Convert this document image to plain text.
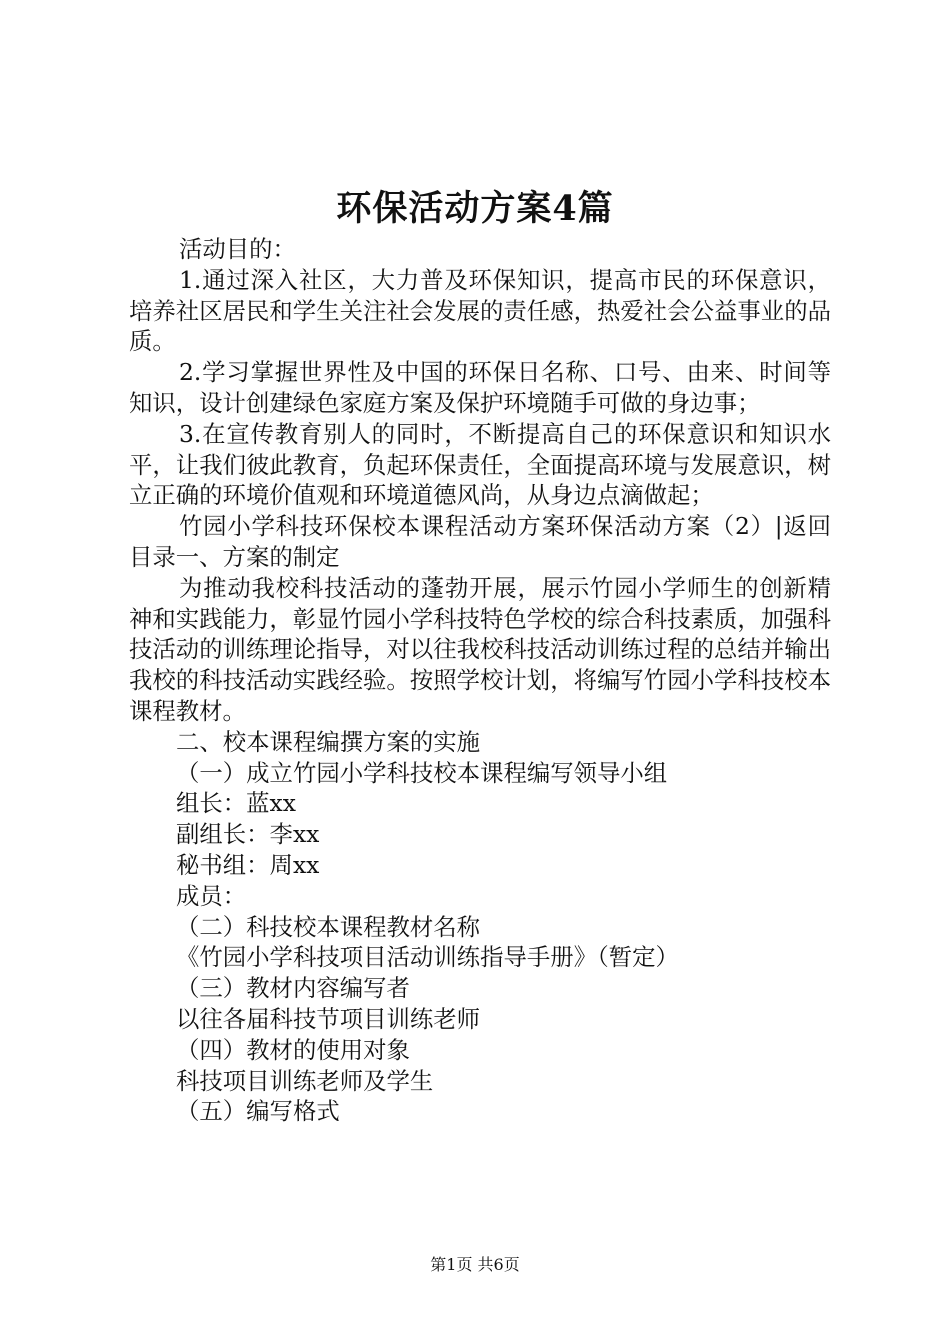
环保活动方案4篇

活动目的：

1.通过深入社区，大力普及环保知识，提高市民的环保意识，培养社区居民和学生关注社会发展的责任感，热爱社会公益事业的品质。

2.学习掌握世界性及中国的环保日名称、口号、由来、时间等知识，设计创建绿色家庭方案及保护环境随手可做的身边事；

3.在宣传教育别人的同时，不断提高自己的环保意识和知识水平，让我们彼此教育，负起环保责任，全面提高环境与发展意识，树立正确的环境价值观和环境道德风尚，从身边点滴做起；

竹园小学科技环保校本课程活动方案环保活动方案（2）|返回目录一、方案的制定

为推动我校科技活动的蓬勃开展，展示竹园小学师生的创新精神和实践能力，彰显竹园小学科技特色学校的综合科技素质，加强科技活动的训练理论指导，对以往我校科技活动训练过程的总结并输出我校的科技活动实践经验。按照学校计划，将编写竹园小学科技校本课程教材。

二、校本课程编撰方案的实施

（一）成立竹园小学科技校本课程编写领导小组

组长：蓝xx

副组长：李xx

秘书组：周xx

成员：

（二）科技校本课程教材名称

《竹园小学科技项目活动训练指导手册》（暂定）

（三）教材内容编写者

以往各届科技节项目训练老师

（四）教材的使用对象

科技项目训练老师及学生

（五）编写格式

第1页 共6页
